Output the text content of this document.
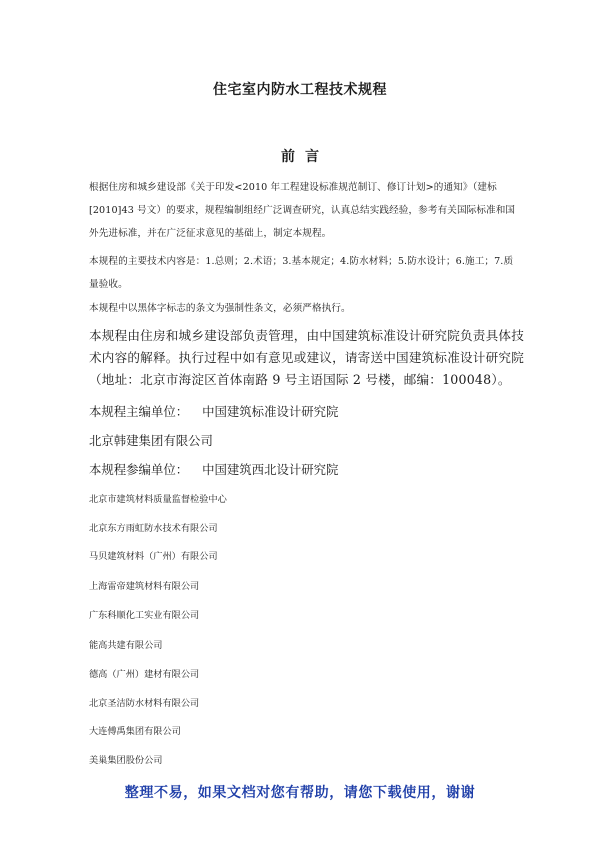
住宅室内防水工程技术规程
前 言

根据住房和城乡建设部《关于印发<2010 年工程建设标准规范制订、修订计划>的通知》（建标[2010]43 号文）的要求，规程编制组经广泛调查研究，认真总结实践经验，参考有关国际标准和国外先进标准，并在广泛征求意见的基础上，制定本规程。

本规程的主要技术内容是：1.总则；2.术语；3.基本规定；4.防水材料；5.防水设计；6.施工；7.质量验收。

本规程中以黑体字标志的条文为强制性条文，必须严格执行。

本规程由住房和城乡建设部负责管理，由中国建筑标准设计研究院负责具体技术内容的解释。执行过程中如有意见或建议，请寄送中国建筑标准设计研究院（地址：北京市海淀区首体南路 9 号主语国际 2 号楼，邮编：100048）。

本规程主编单位： 中国建筑标准设计研究院
北京韩建集团有限公司
本规程参编单位： 中国建筑西北设计研究院
北京市建筑材料质量监督检验中心
北京东方雨虹防水技术有限公司
马贝建筑材料（广州）有限公司
上海雷帝建筑材料有限公司
广东科顺化工实业有限公司
能高共建有限公司
德高（广州）建材有限公司
北京圣洁防水材料有限公司
大连傅禹集团有限公司
美巢集团股份公司
整理不易，如果文档对您有帮助，请您下载使用，谢谢
